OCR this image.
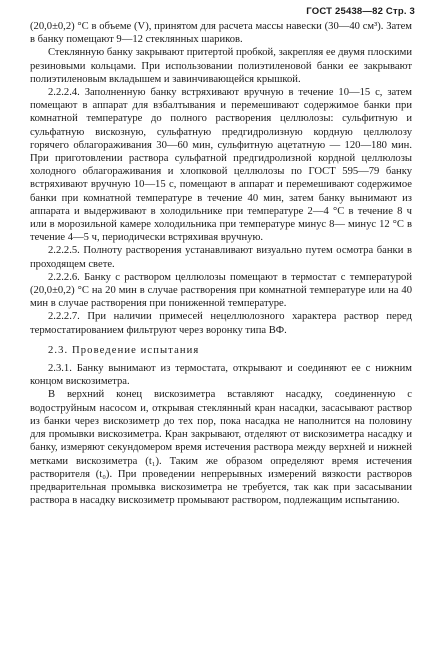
ГОСТ 25438—82 Стр. 3

(20,0±0,2) °С в объеме (V), принятом для расчета массы навески (30—40 см³). Затем в банку помещают 9—12 стеклянных шариков.

Стеклянную банку закрывают притертой пробкой, закрепляя ее двумя плоскими резиновыми кольцами. При использовании полиэтиленовой банки ее закрывают полиэтиленовым вкладышем и завинчивающейся крышкой.

2.2.2.4. Заполненную банку встряхивают вручную в течение 10—15 с, затем помещают в аппарат для взбалтывания и перемешивают содержимое банки при комнатной температуре до полного растворения целлюлозы: сульфитную и сульфатную вискозную, сульфатную предгидролизную кордную целлюлозу горячего облагораживания 30—60 мин, сульфитную ацетатную — 120—180 мин. При приготовлении раствора сульфатной предгидролизной кордной целлюлозы холодного облагораживания и хлопковой целлюлозы по ГОСТ 595—79 банку встряхивают вручную 10—15 с, помещают в аппарат и перемешивают содержимое банки при комнатной температуре в течение 40 мин, затем банку вынимают из аппарата и выдерживают в холодильнике при температуре 2—4 °С в течение 8 ч или в морозильной камере холодильника при температуре минус 8— минус 12 °С в течение 4—5 ч, периодически встряхивая вручную.

2.2.2.5. Полноту растворения устанавливают визуально путем осмотра банки в проходящем свете.

2.2.2.6. Банку с раствором целлюлозы помещают в термостат с температурой (20,0±0,2) °С на 20 мин в случае растворения при комнатной температуре или на 40 мин в случае растворения при пониженной температуре.

2.2.2.7. При наличии примесей нецеллюлозного характера раствор перед термостатированием фильтруют через воронку типа ВФ.

2.3. Проведение испытания

2.3.1. Банку вынимают из термостата, открывают и соединяют ее с нижним концом вискозиметра.

В верхний конец вискозиметра вставляют насадку, соединенную с водоструйным насосом и, открывая стеклянный кран насадки, засасывают раствор из банки через вискозиметр до тех пор, пока насадка не наполнится на половину для промывки вискозиметра. Кран закрывают, отделяют от вискозиметра насадку и банку, измеряют секундомером время истечения раствора между верхней и нижней метками вискозиметра (t₁). Таким же образом определяют время истечения растворителя (t₀). При проведении непрерывных измерений вязкости растворов предварительная промывка вискозиметра не требуется, так как при засасывании раствора в насадку вискозиметр промывают раствором, подлежащим испытанию.
